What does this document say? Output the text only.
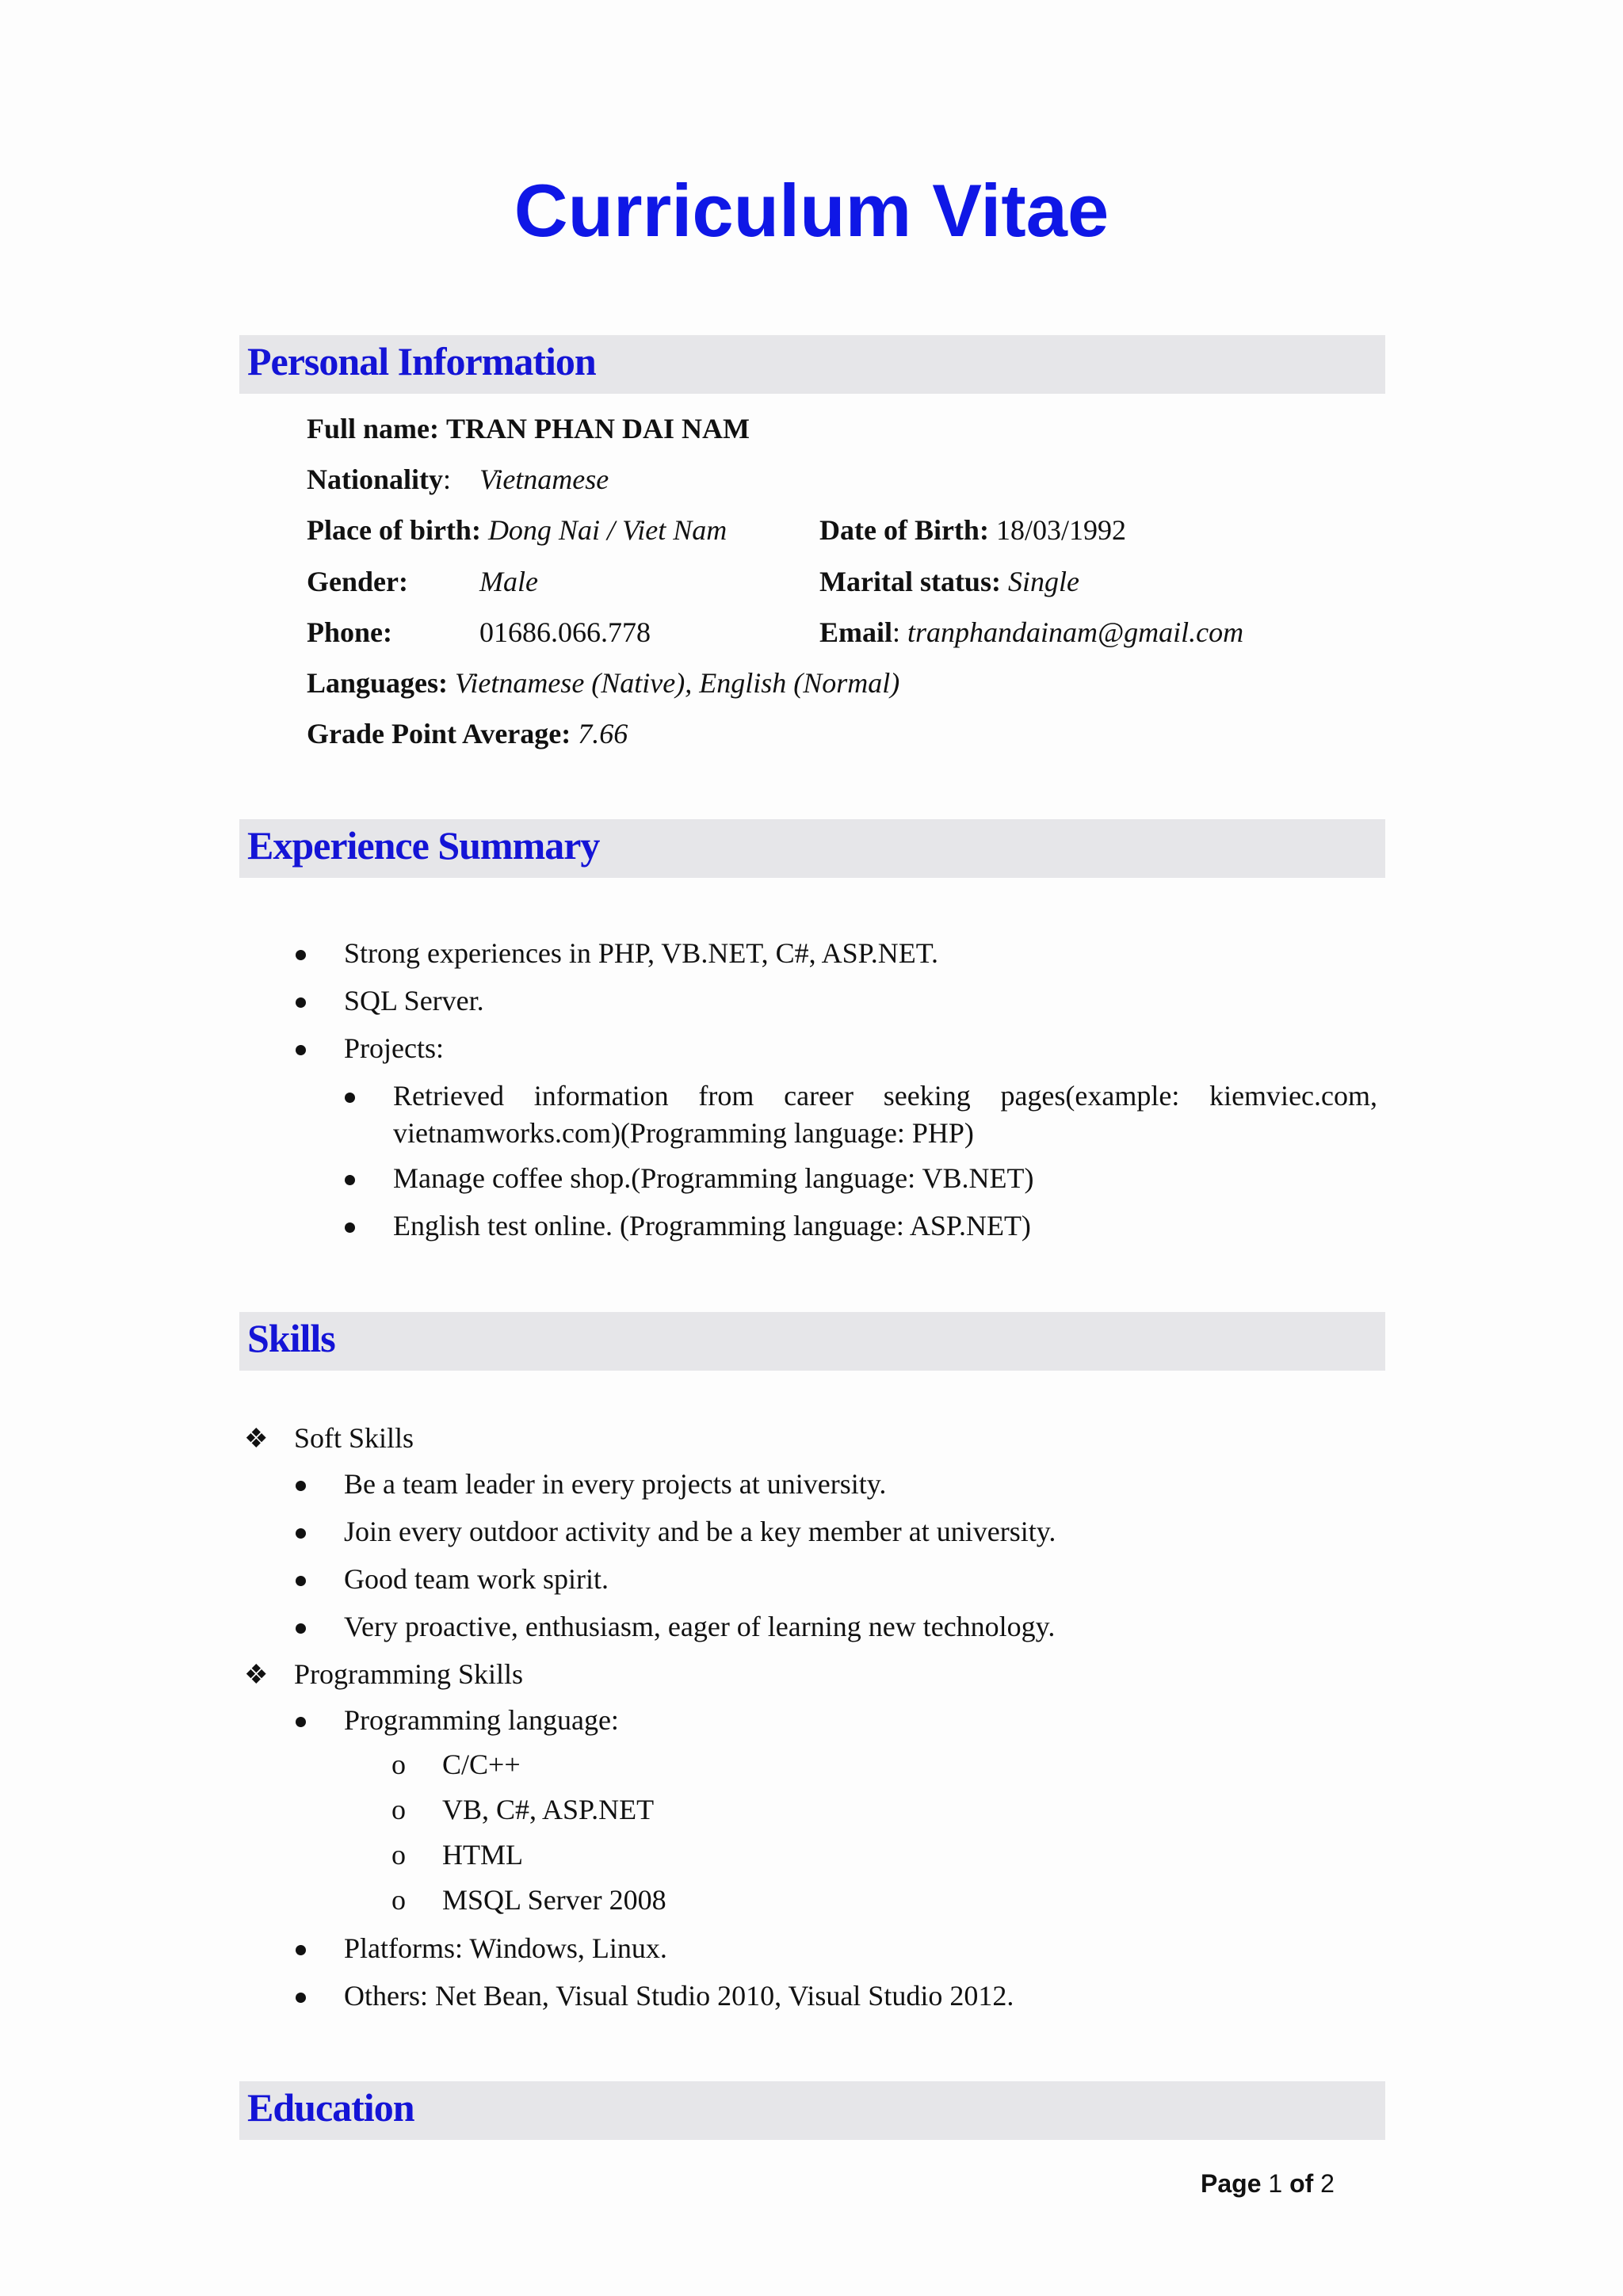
Curriculum Vitae
Personal Information
Full name: TRAN PHAN DAI NAM
Nationality: Vietnamese
Place of birth: Dong Nai / Viet Nam	Date of Birth: 18/03/1992
Gender:	Male	Marital status: Single
Phone:	01686.066.778	Email: tranphandainam@gmail.com
Languages: Vietnamese (Native), English (Normal)
Grade Point Average: 7.66
Experience Summary
Strong experiences in PHP, VB.NET, C#, ASP.NET.
SQL Server.
Projects:
Retrieved information from career seeking pages(example: kiemviec.com,
vietnamworks.com)(Programming language: PHP)
Manage coffee shop.(Programming language: VB.NET)
English test online. (Programming language: ASP.NET)
Skills
❖ Soft Skills
Be a team leader in every projects at university.
Join every outdoor activity and be a key member at university.
Good team work spirit.
Very proactive, enthusiasm, eager of learning new technology.
❖ Programming Skills
Programming language:
o C/C++
o VB, C#, ASP.NET
o HTML
o MSQL Server 2008
Platforms: Windows, Linux.
Others: Net Bean, Visual Studio 2010, Visual Studio 2012.
Education
Page 1 of 2
